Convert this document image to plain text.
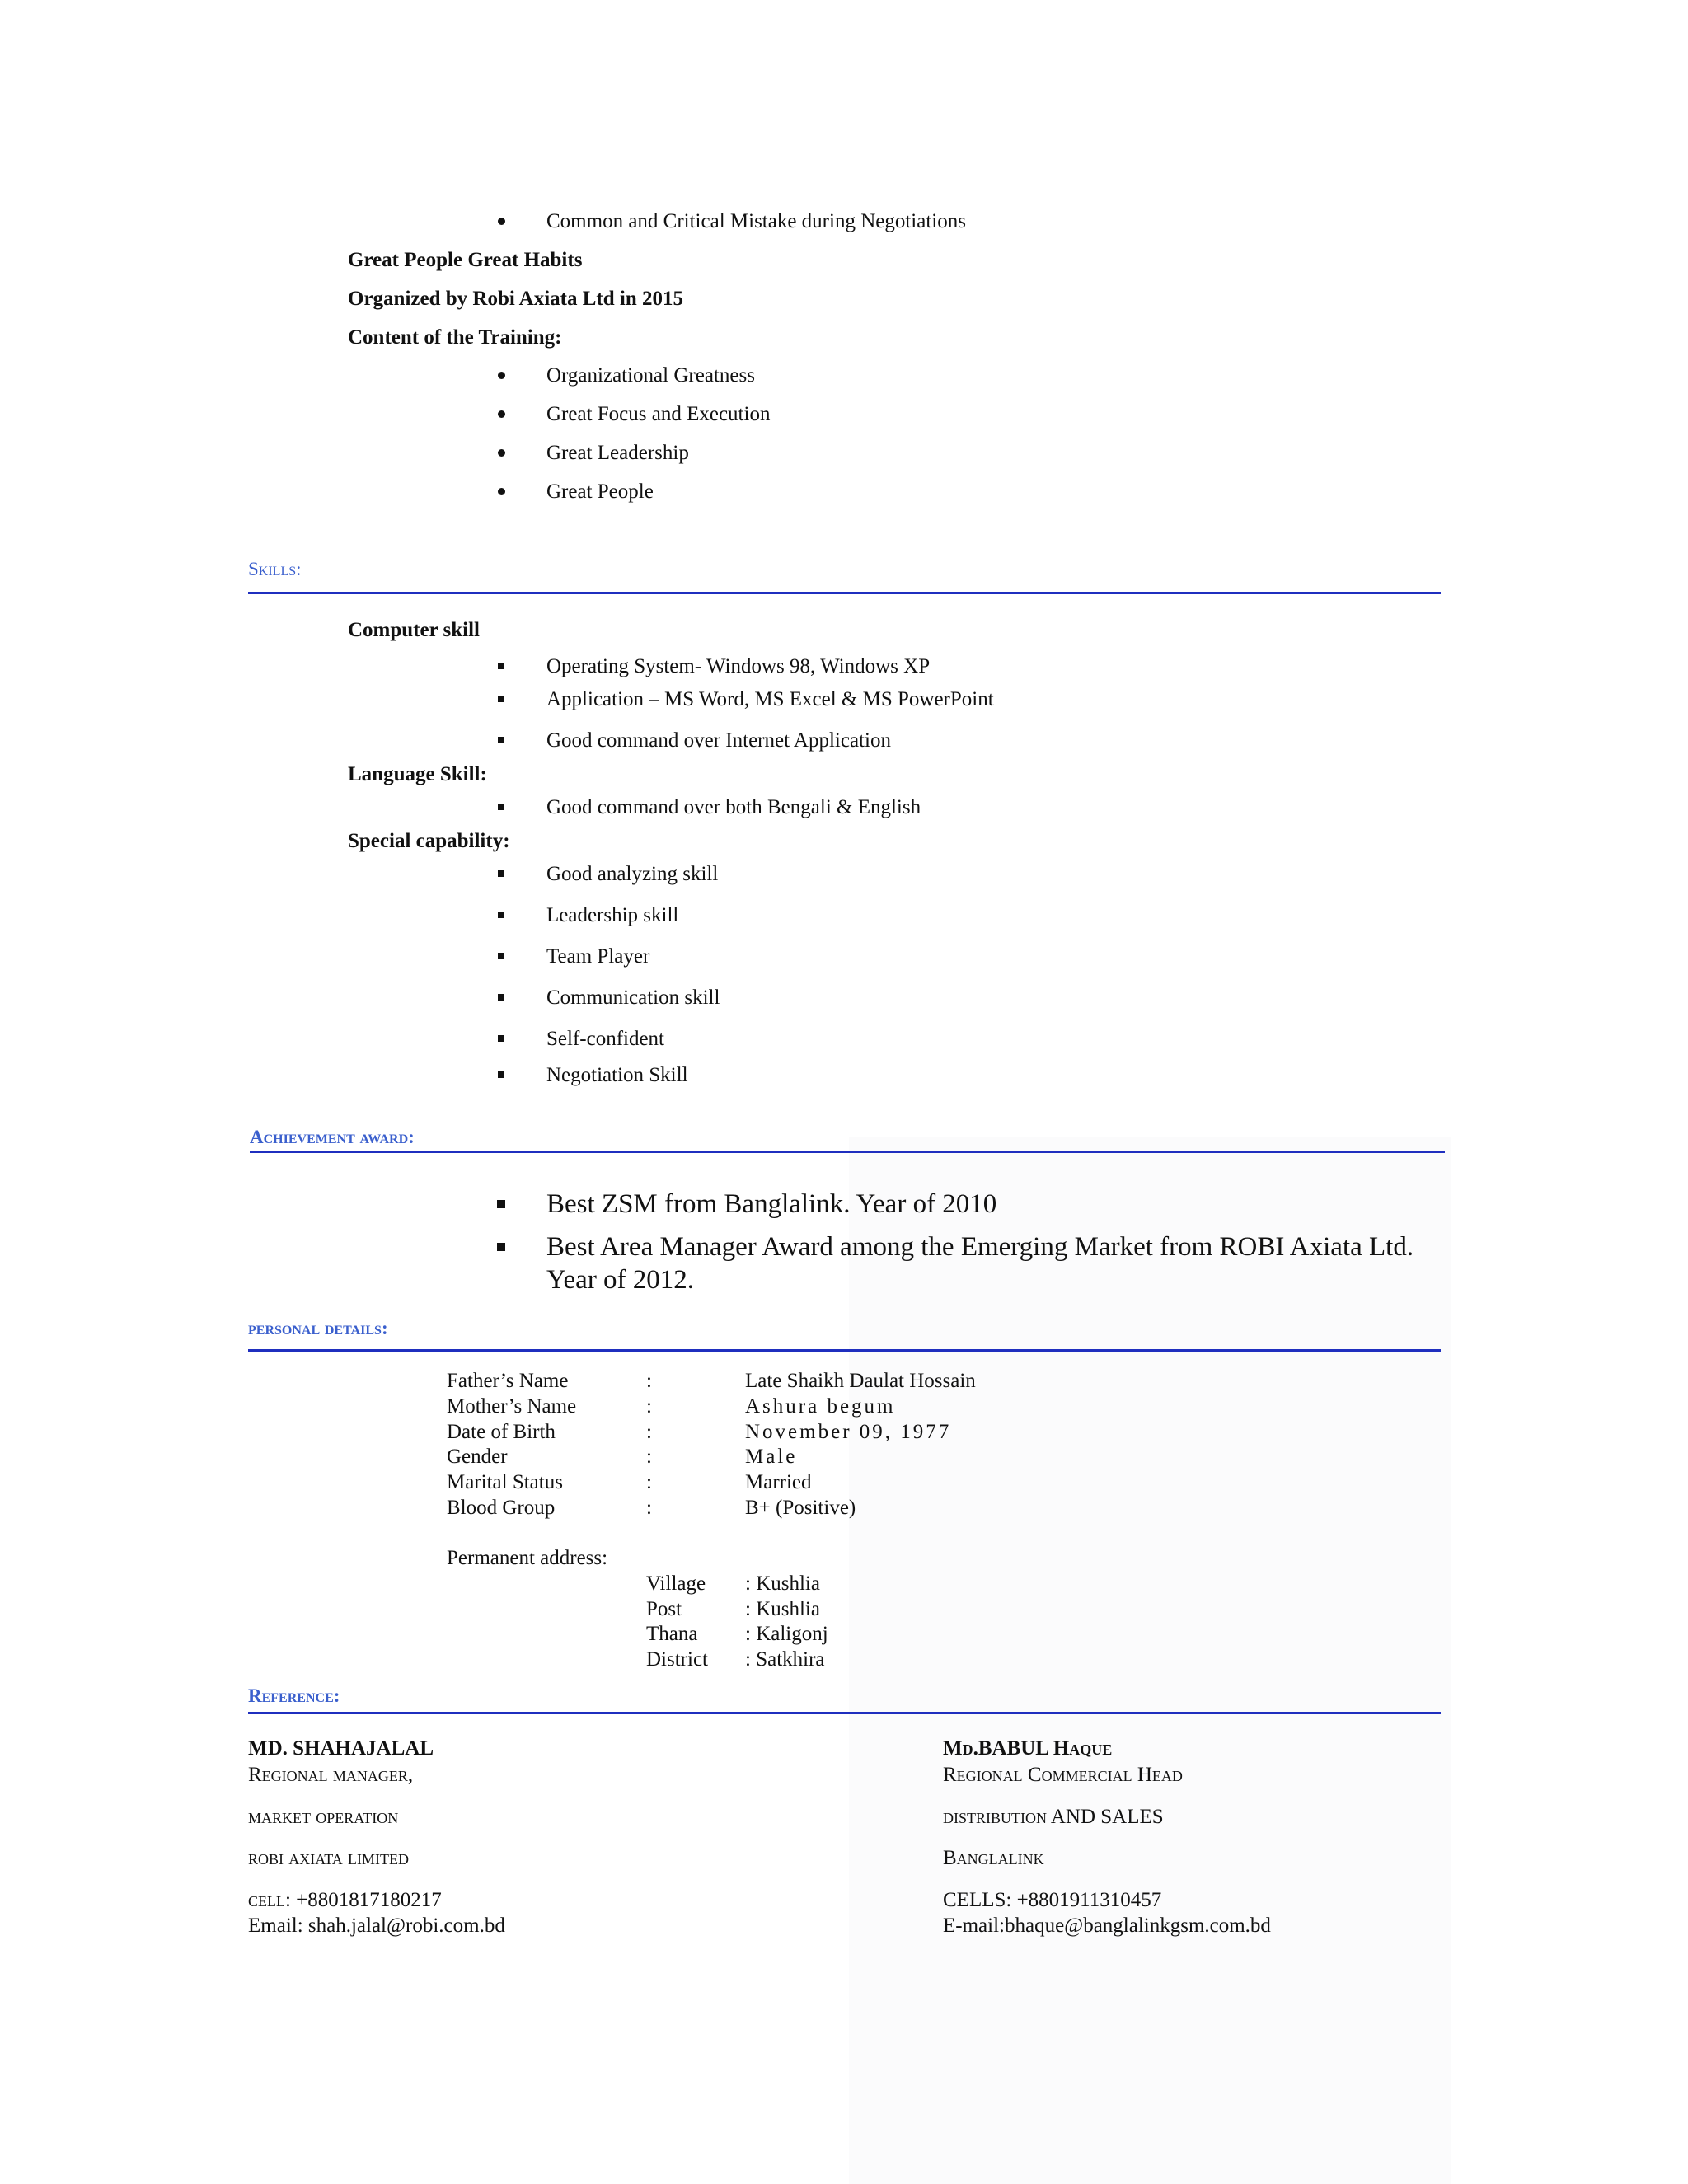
Common and Critical Mistake during Negotiations
Great People Great Habits
Organized by Robi Axiata Ltd in 2015
Content of the Training:
Organizational Greatness
Great Focus and Execution
Great Leadership
Great People
Skills:
Computer skill
Operating System- Windows 98, Windows XP
Application – MS Word, MS Excel & MS PowerPoint
Good command over Internet Application
Language Skill:
Good command over both Bengali & English
Special capability:
Good analyzing skill
Leadership skill
Team Player
Communication skill
Self-confident
Negotiation Skill
Achievement award:
Best ZSM from Banglalink. Year of 2010
Best Area Manager Award among the Emerging Market from ROBI Axiata Ltd.
Year of 2012.
personal details:
Father’s Name	:	Late Shaikh Daulat Hossain
Mother’s Name	:	Ashura begum
Date of Birth	:	November 09, 1977
Gender	:	Male
Marital Status	:	Married
Blood Group	:	B+ (Positive)
Permanent address:
Village : Kushlia
Post	: Kushlia
Thana : Kaligonj
District : Satkhira
Reference:
MD. SHAHAJALAL
Regional manager,
market operation
robi axiata limited
cell: +8801817180217
Email: shah.jalal@robi.com.bd
Md.BABUL Haque
Regional Commercial Head
distribution AND SALES
Banglalink
CELLS: +8801911310457
E-mail:bhaque@banglalinkgsm.com.bd
